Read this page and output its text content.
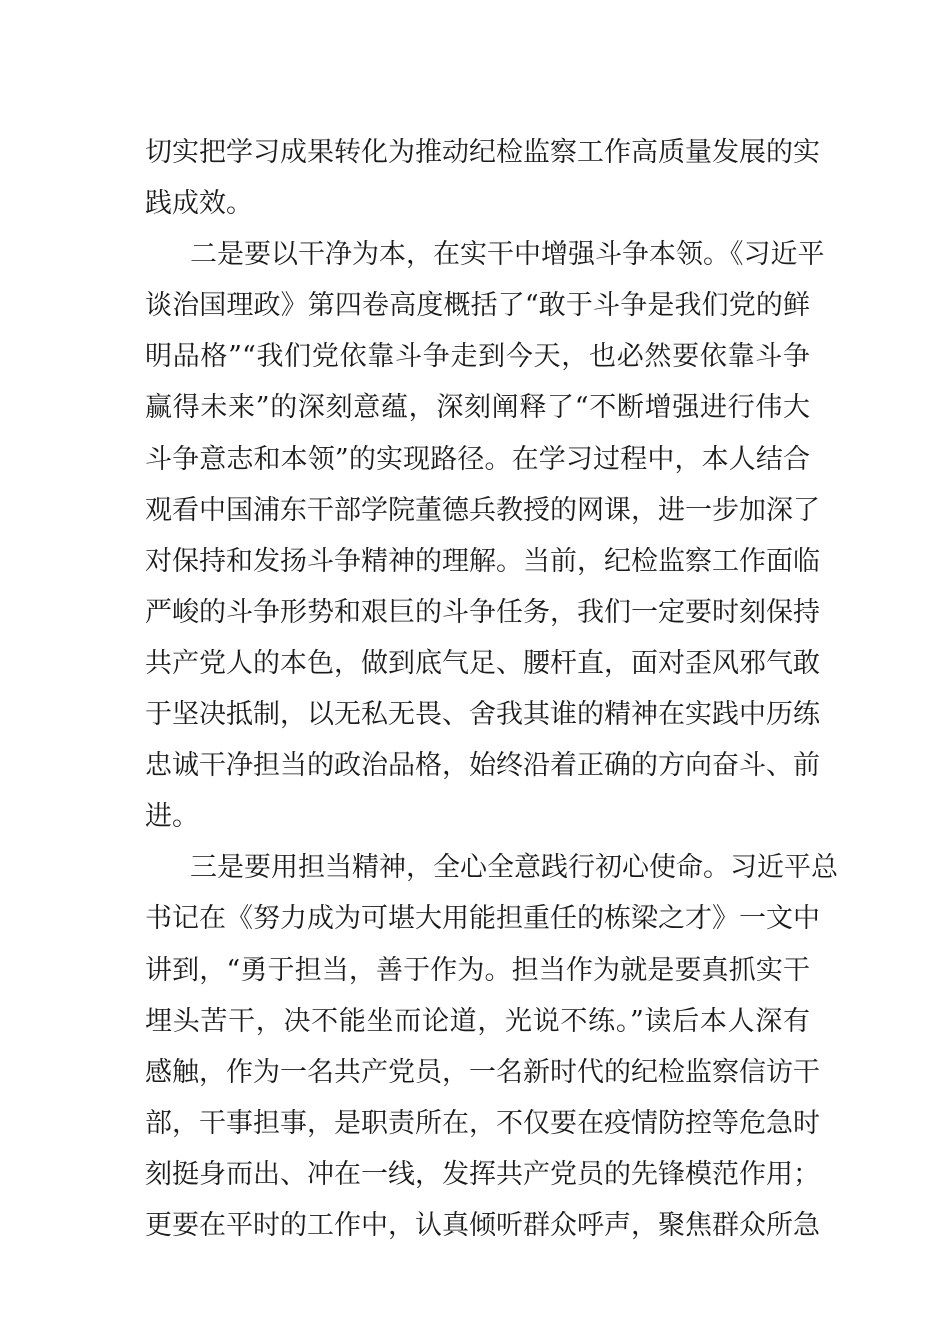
切实把学习成果转化为推动纪检监察工作高质量发展的实
践成效。
二是要以干净为本，在实干中增强斗争本领。《习近平
谈治国理政》第四卷高度概括了“敢于斗争是我们党的鲜
明品格”“我们党依靠斗争走到今天，也必然要依靠斗争
赢得未来”的深刻意蕴，深刻阐释了“不断增强进行伟大
斗争意志和本领”的实现路径。在学习过程中，本人结合
观看中国浦东干部学院董德兵教授的网课，进一步加深了
对保持和发扬斗争精神的理解。当前，纪检监察工作面临
严峻的斗争形势和艰巨的斗争任务，我们一定要时刻保持
共产党人的本色，做到底气足、腰杆直，面对歪风邪气敢
于坚决抵制，以无私无畏、舍我其谁的精神在实践中历练
忠诚干净担当的政治品格，始终沿着正确的方向奋斗、前
进。
三是要用担当精神，全心全意践行初心使命。习近平总
书记在《努力成为可堪大用能担重任的栋梁之才》一文中
讲到，“勇于担当，善于作为。担当作为就是要真抓实干
埋头苦干，决不能坐而论道，光说不练。”读后本人深有
感触，作为一名共产党员，一名新时代的纪检监察信访干
部，干事担事，是职责所在，不仅要在疫情防控等危急时
刻挺身而出、冲在一线，发挥共产党员的先锋模范作用；
更要在平时的工作中，认真倾听群众呼声，聚焦群众所急
